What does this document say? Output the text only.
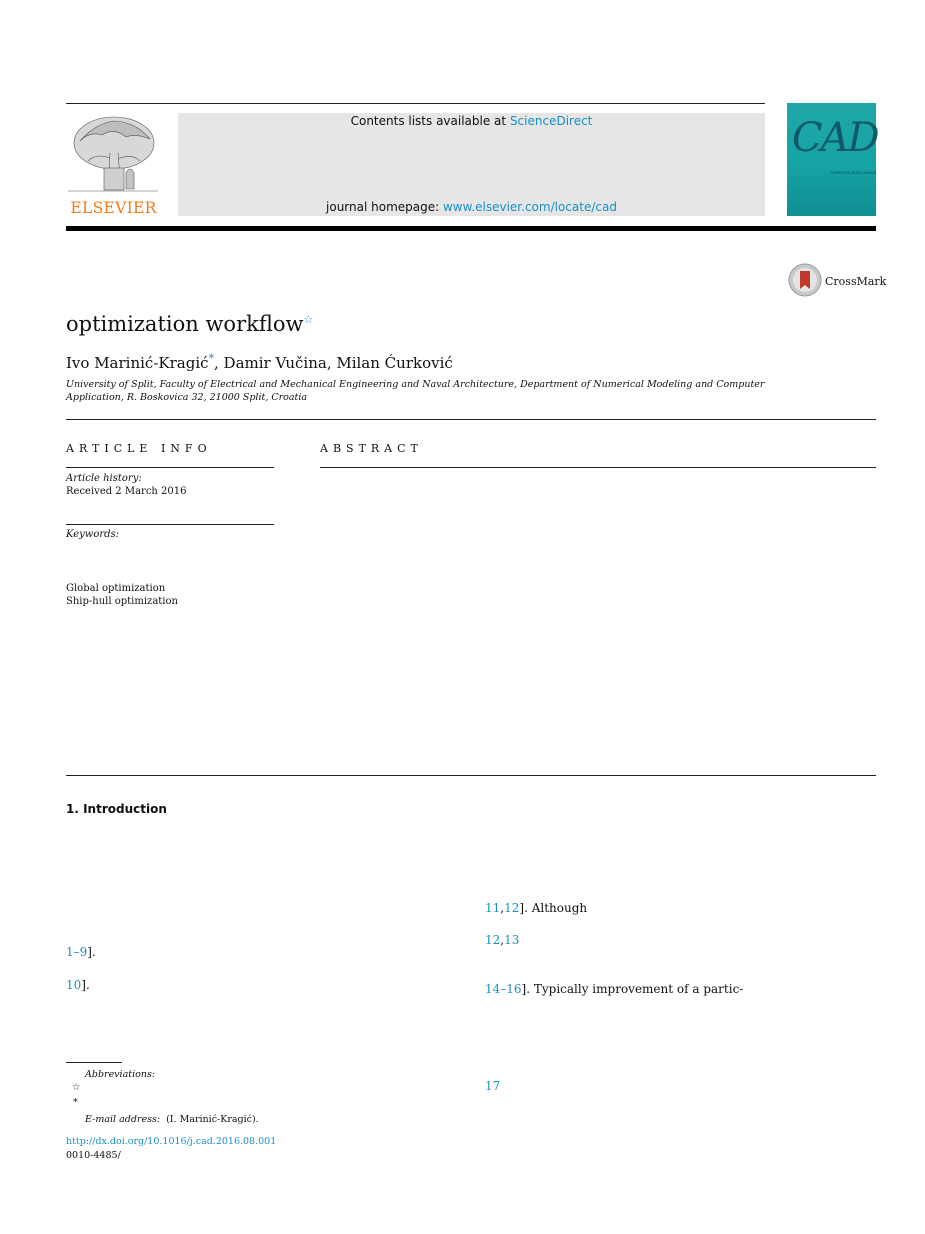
ELSEVIER
Contents lists available at ScienceDirect
journal homepage: www.elsevier.com/locate/cad
CAD
COMPUTER-AIDED DESIGN
CrossMark
optimization workflow☆
Ivo Marinić-Kragić*, Damir Vučina, Milan Ćurković
University of Split, Faculty of Electrical and Mechanical Engineering and Naval Architecture, Department of Numerical Modeling and Computer
Application, R. Boskovica 32, 21000 Split, Croatia
ARTICLE INFO	ABSTRACT
Article history:
Received 2 March 2016
Keywords:
Global optimization
Ship-hull optimization
1. Introduction
1–9].
10].
11,12]. Although
12,13
14–16]. Typically improvement of a partic-
17
Abbreviations:
☆
*
E-mail address: (I. Marinić-Kragić).
http://dx.doi.org/10.1016/j.cad.2016.08.001
0010-4485/
